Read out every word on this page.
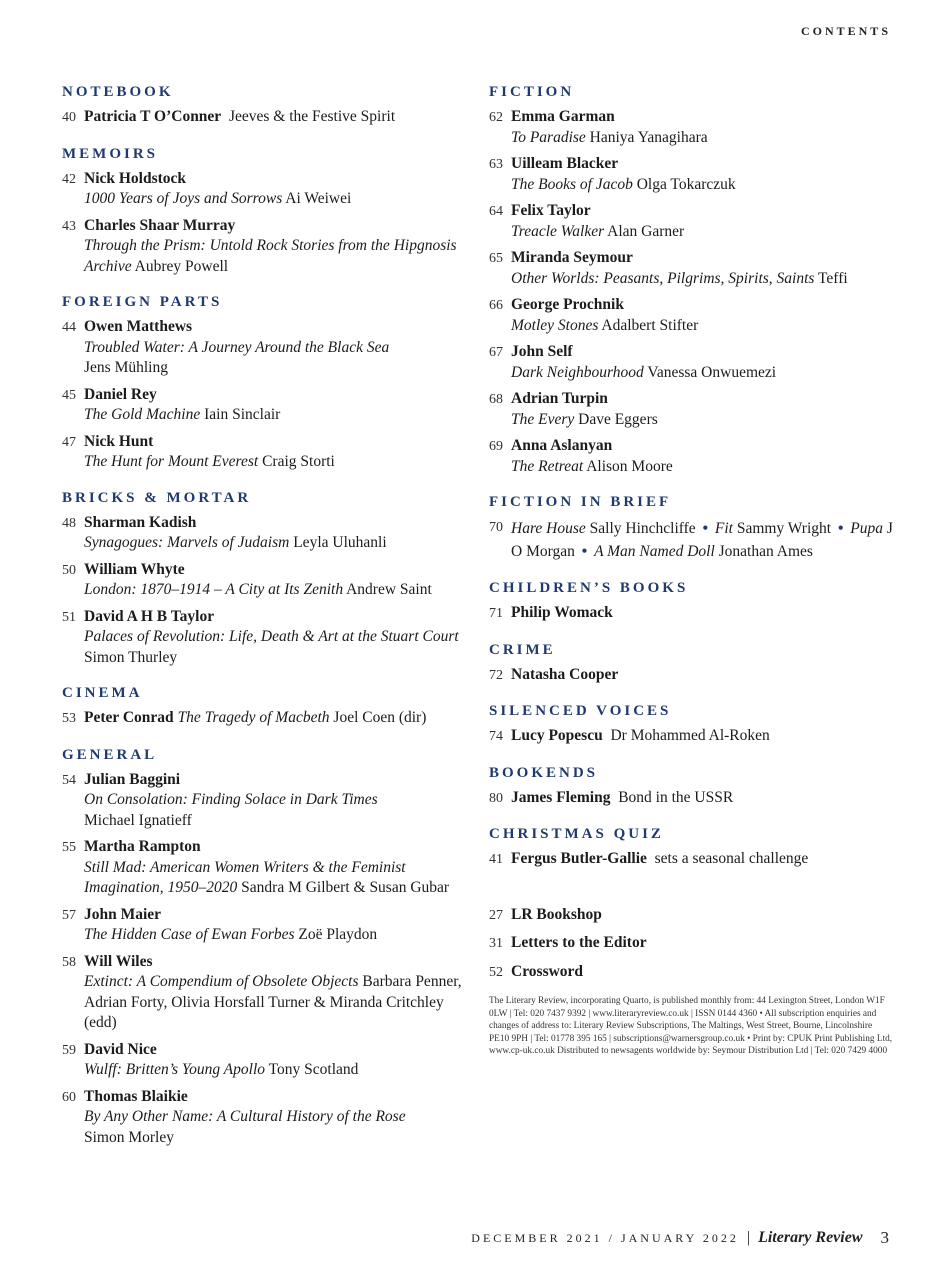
CONTENTS
NOTEBOOK
40 Patricia T O’Conner Jeeves & the Festive Spirit
MEMOIRS
42 Nick Holdstock
1000 Years of Joys and Sorrows Ai Weiwei
43 Charles Shaar Murray
Through the Prism: Untold Rock Stories from the Hipgnosis Archive Aubrey Powell
FOREIGN PARTS
44 Owen Matthews
Troubled Water: A Journey Around the Black Sea
Jens Mühling
45 Daniel Rey
The Gold Machine Iain Sinclair
47 Nick Hunt
The Hunt for Mount Everest Craig Storti
BRICKS & MORTAR
48 Sharman Kadish
Synagogues: Marvels of Judaism Leyla Uluhanli
50 William Whyte
London: 1870–1914 – A City at Its Zenith Andrew Saint
51 David A H B Taylor
Palaces of Revolution: Life, Death & Art at the Stuart Court
Simon Thurley
CINEMA
53 Peter Conrad The Tragedy of Macbeth Joel Coen (dir)
GENERAL
54 Julian Baggini
On Consolation: Finding Solace in Dark Times
Michael Ignatieff
55 Martha Rampton
Still Mad: American Women Writers & the Feminist Imagination, 1950–2020 Sandra M Gilbert & Susan Gubar
57 John Maier
The Hidden Case of Ewan Forbes Zoë Playdon
58 Will Wiles
Extinct: A Compendium of Obsolete Objects Barbara Penner, Adrian Forty, Olivia Horsfall Turner & Miranda Critchley (edd)
59 David Nice
Wulff: Britten’s Young Apollo Tony Scotland
60 Thomas Blaikie
By Any Other Name: A Cultural History of the Rose
Simon Morley
FICTION
62 Emma Garman
To Paradise Haniya Yanagihara
63 Uilleam Blacker
The Books of Jacob Olga Tokarczuk
64 Felix Taylor
Treacle Walker Alan Garner
65 Miranda Seymour
Other Worlds: Peasants, Pilgrims, Spirits, Saints Teffi
66 George Prochnik
Motley Stones Adalbert Stifter
67 John Self
Dark Neighbourhood Vanessa Onwuemezi
68 Adrian Turpin
The Every Dave Eggers
69 Anna Aslanyan
The Retreat Alison Moore
FICTION IN BRIEF
70 Hare House Sally Hinchcliffe • Fit Sammy Wright • Pupa J O Morgan • A Man Named Doll Jonathan Ames
CHILDREN’S BOOKS
71 Philip Womack
CRIME
72 Natasha Cooper
SILENCED VOICES
74 Lucy Popescu Dr Mohammed Al-Roken
BOOKENDS
80 James Fleming Bond in the USSR
CHRISTMAS QUIZ
41 Fergus Butler-Gallie sets a seasonal challenge
27 LR Bookshop
31 Letters to the Editor
52 Crossword
The Literary Review, incorporating Quarto, is published monthly from: 44 Lexington Street, London W1F 0LW | Tel: 020 7437 9392 | www.literaryreview.co.uk | ISSN 0144 4360 • All subscription enquiries and changes of address to: Literary Review Subscriptions, The Maltings, West Street, Bourne, Lincolnshire PE10 9PH | Tel: 01778 395 165 | subscriptions@warnersgroup.co.uk • Print by: CPUK Print Publishing Ltd, www.cp-uk.co.uk Distributed to newsagents worldwide by: Seymour Distribution Ltd | Tel: 020 7429 4000
DECEMBER 2021 / JANUARY 2022 | Literary Review	3
